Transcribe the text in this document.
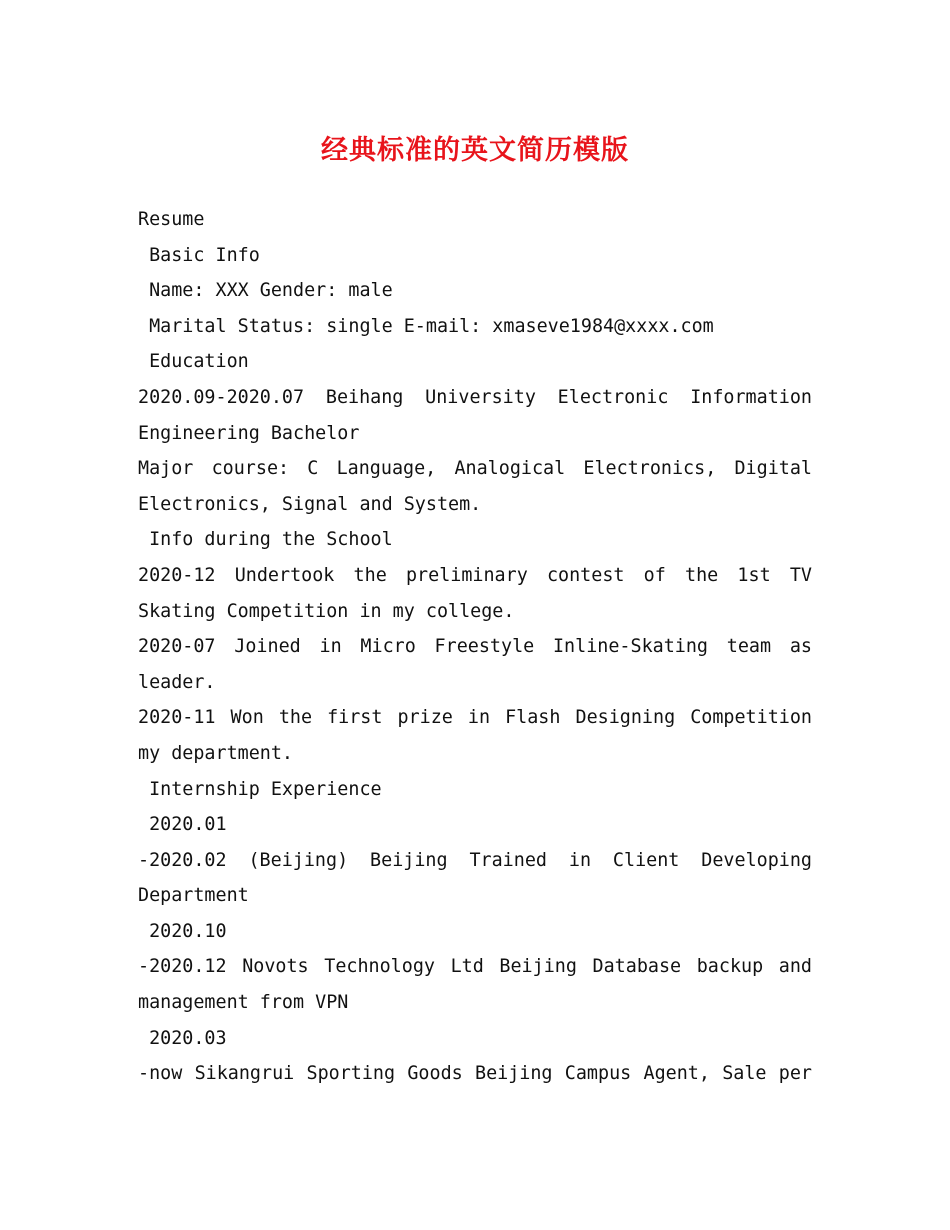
经典标准的英文简历模版
Resume
Basic Info
Name: XXX Gender: male
Marital Status: single E-mail: xmaseve1984@xxxx.com
Education
2020.09-2020.07 Beihang University Electronic Information
Engineering Bachelor
Major course: C Language, Analogical Electronics, Digital
Electronics, Signal and System.
Info during the School
2020-12 Undertook the preliminary contest of the 1st TV
Skating Competition in my college.
2020-07 Joined in Micro Freestyle Inline-Skating team as
leader.
2020-11 Won the first prize in Flash Designing Competition
my department.
Internship Experience
2020.01
-2020.02 (Beijing) Beijing Trained in Client Developing
Department
2020.10
-2020.12 Novots Technology Ltd Beijing Database backup and
management from VPN
2020.03
-now Sikangrui Sporting Goods Beijing Campus Agent, Sale per
